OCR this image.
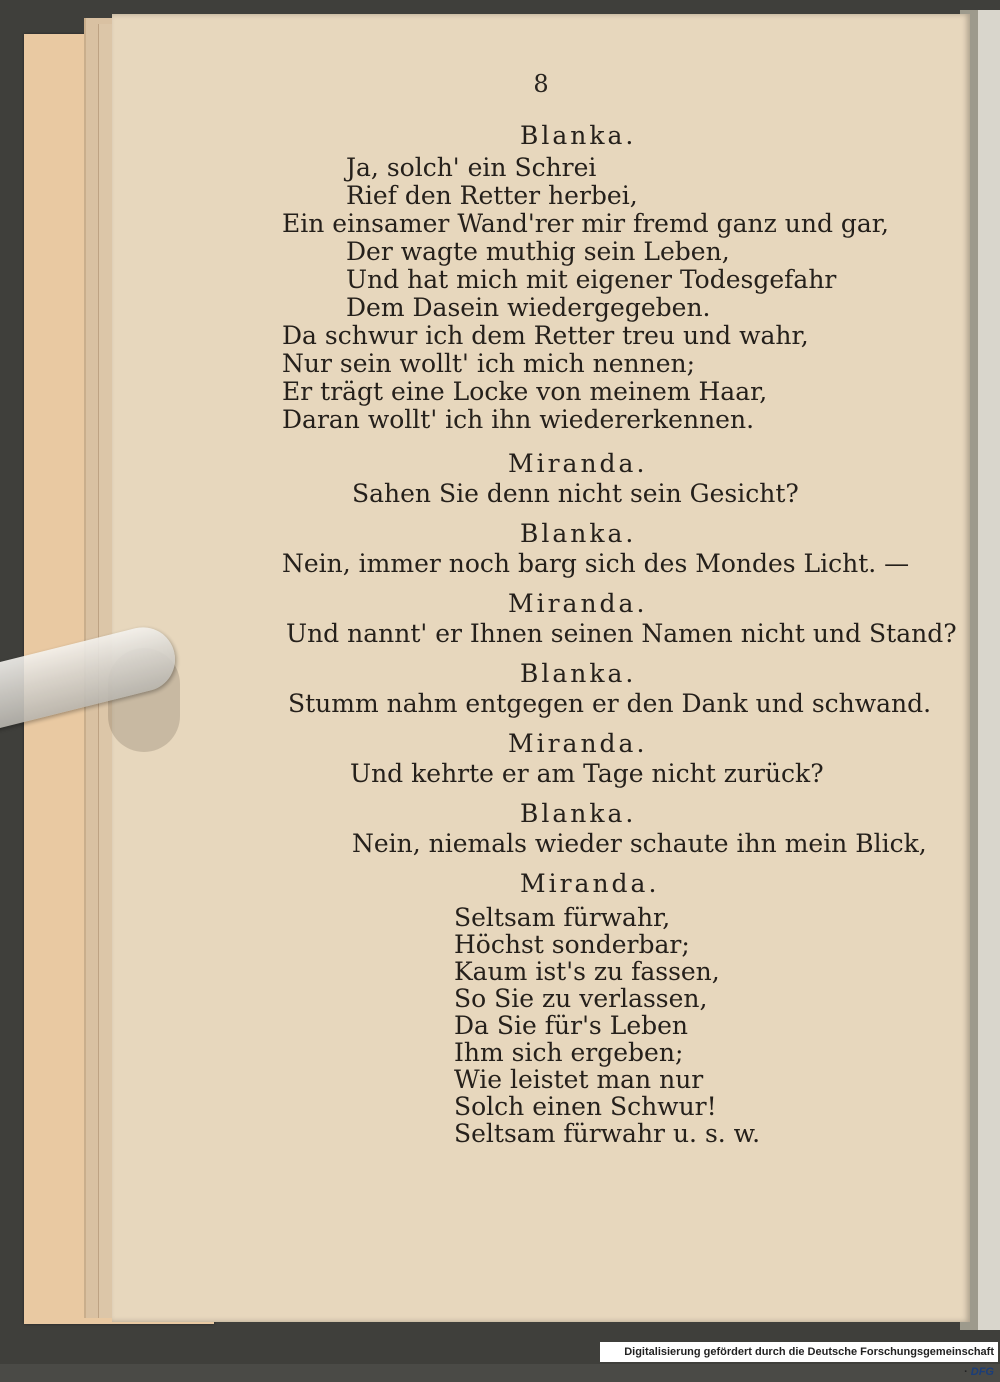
8
Blanka.
Ja, solch' ein Schrei
Rief den Retter herbei,
Ein einsamer Wand'rer mir fremd ganz und gar,
Der wagte muthig sein Leben,
Und hat mich mit eigener Todesgefahr
Dem Dasein wiedergegeben.
Da schwur ich dem Retter treu und wahr,
Nur sein wollt' ich mich nennen;
Er trägt eine Locke von meinem Haar,
Daran wollt' ich ihn wiedererkennen.
Miranda.
Sahen Sie denn nicht sein Gesicht?
Blanka.
Nein, immer noch barg sich des Mondes Licht. —
Miranda.
Und nannt' er Ihnen seinen Namen nicht und Stand?
Blanka.
Stumm nahm entgegen er den Dank und schwand.
Miranda.
Und kehrte er am Tage nicht zurück?
Blanka.
Nein, niemals wieder schaute ihn mein Blick,
Miranda.
Seltsam fürwahr,
Höchst sonderbar;
Kaum ist's zu fassen,
So Sie zu verlassen,
Da Sie für's Leben
Ihm sich ergeben;
Wie leistet man nur
Solch einen Schwur!
Seltsam fürwahr u. s. w.
Digitalisierung gefördert durch die Deutsche Forschungsgemeinschaft · DFG
